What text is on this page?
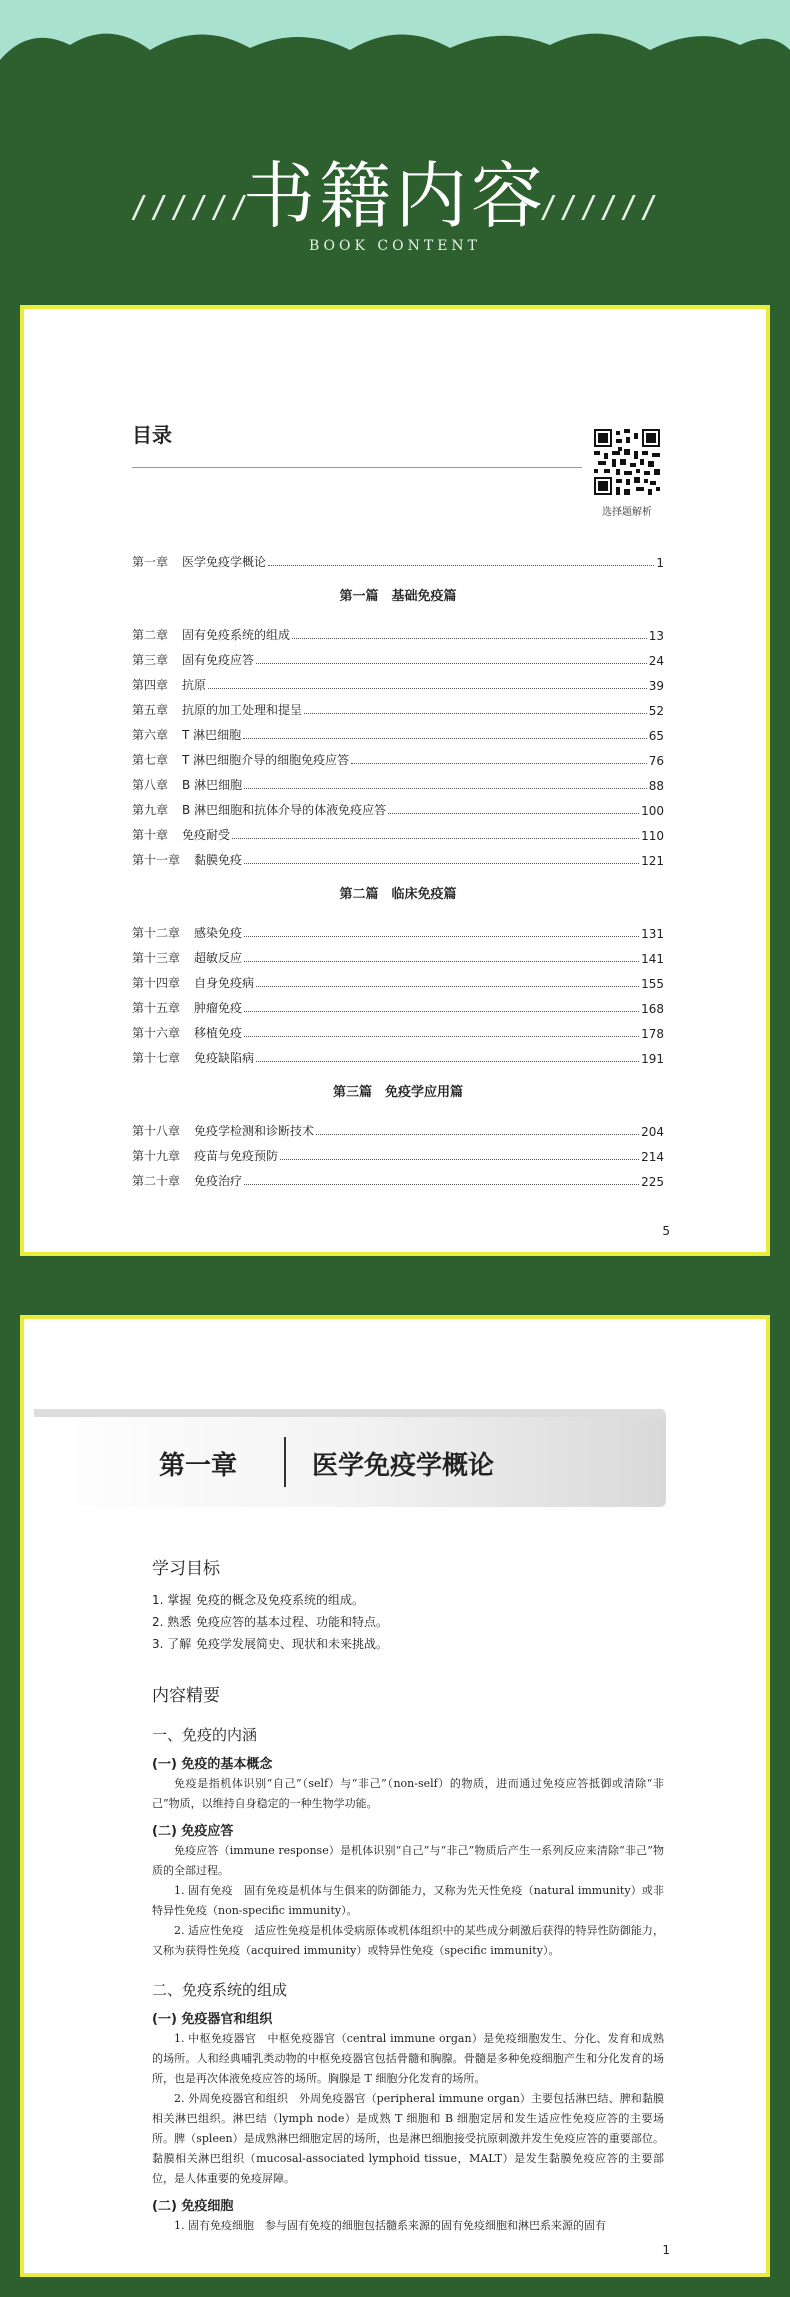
//////	//////
书籍内容
BOOK CONTENT
目录
选择题解析
第一章 医学免疫学概论	1
第一篇　基础免疫篇
第二章 固有免疫系统的组成	13
第三章 固有免疫应答	24
第四章 抗原	39
第五章 抗原的加工处理和提呈	52
第六章 T 淋巴细胞	65
第七章 T 淋巴细胞介导的细胞免疫应答	76
第八章 B 淋巴细胞	88
第九章 B 淋巴细胞和抗体介导的体液免疫应答	100
第十章 免疫耐受	110
第十一章 黏膜免疫	121
第二篇　临床免疫篇
第十二章 感染免疫	131
第十三章 超敏反应	141
第十四章 自身免疫病	155
第十五章 肿瘤免疫	168
第十六章 移植免疫	178
第十七章 免疫缺陷病	191
第三篇　免疫学应用篇
第十八章 免疫学检测和诊断技术	204
第十九章 疫苗与免疫预防	214
第二十章 免疫治疗	225
5
第一章	医学免疫学概论
学习目标
1. 掌握 免疫的概念及免疫系统的组成。
2. 熟悉 免疫应答的基本过程、功能和特点。
3. 了解 免疫学发展简史、现状和未来挑战。
内容精要
一、免疫的内涵
(一) 免疫的基本概念

免疫是指机体识别“自己”（self）与“非己”（non-self）的物质，进而通过免疫应答抵御或清除“非己”物质，以维持自身稳定的一种生物学功能。

(二) 免疫应答

免疫应答（immune response）是机体识别“自己”与“非己”物质后产生一系列反应来清除“非己”物质的全部过程。

1. 固有免疫　固有免疫是机体与生俱来的防御能力，又称为先天性免疫（natural immunity）或非特异性免疫（non-specific immunity）。

2. 适应性免疫　适应性免疫是机体受病原体或机体组织中的某些成分刺激后获得的特异性防御能力，又称为获得性免疫（acquired immunity）或特异性免疫（specific immunity）。

二、免疫系统的组成
(一) 免疫器官和组织

1. 中枢免疫器官　中枢免疫器官（central immune organ）是免疫细胞发生、分化、发育和成熟的场所。人和经典哺乳类动物的中枢免疫器官包括骨髓和胸腺。骨髓是多种免疫细胞产生和分化发育的场所，也是再次体液免疫应答的场所。胸腺是 T 细胞分化发育的场所。

2. 外周免疫器官和组织　外周免疫器官（peripheral immune organ）主要包括淋巴结、脾和黏膜相关淋巴组织。淋巴结（lymph node）是成熟 T 细胞和 B 细胞定居和发生适应性免疫应答的主要场所。脾（spleen）是成熟淋巴细胞定居的场所，也是淋巴细胞接受抗原刺激并发生免疫应答的重要部位。黏膜相关淋巴组织（mucosal-associated lymphoid tissue，MALT）是发生黏膜免疫应答的主要部位，是人体重要的免疫屏障。

(二) 免疫细胞

1. 固有免疫细胞　参与固有免疫的细胞包括髓系来源的固有免疫细胞和淋巴系来源的固有

1
